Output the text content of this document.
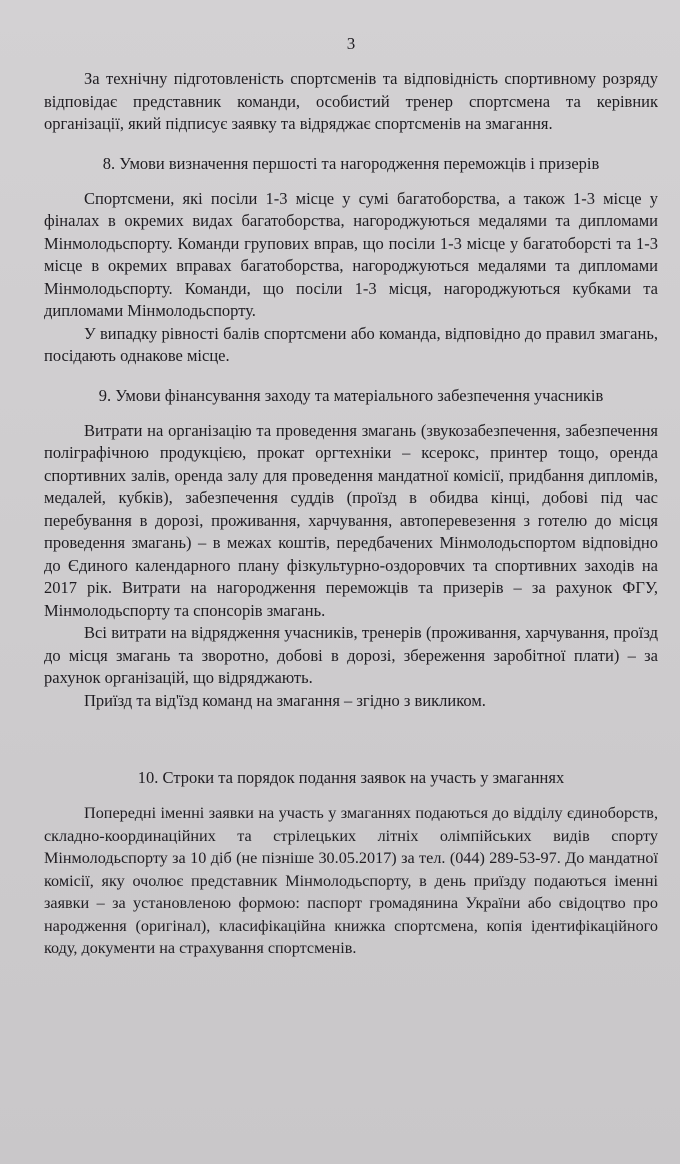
3

За технічну підготовленість спортсменів та відповідність спортивному розряду відповідає представник команди, особистий тренер спортсмена та керівник організації, який підписує заявку та відряджає спортсменів на змагання.

8. Умови визначення першості та нагородження переможців і призерів

Спортсмени, які посіли 1-3 місце у сумі багатоборства, а також 1-3 місце у фіналах в окремих видах багатоборства, нагороджуються медалями та дипломами Мінмолодьспорту. Команди групових вправ, що посіли 1-3 місце у багатоборсті та 1-3 місце в окремих вправах багатоборства, нагороджуються медалями та дипломами Мінмолодьспорту. Команди, що посіли 1-3 місця, нагороджуються кубками та дипломами Мінмолодьспорту.

У випадку рівності балів спортсмени або команда, відповідно до правил змагань, посідають однакове місце.

9. Умови фінансування заходу та матеріального забезпечення учасників

Витрати на організацію та проведення змагань (звукозабезпечення, забезпечення поліграфічною продукцією, прокат оргтехніки – ксерокс, принтер тощо, оренда спортивних залів, оренда залу для проведення мандатної комісії, придбання дипломів, медалей, кубків), забезпечення суддів (проїзд в обидва кінці, добові під час перебування в дорозі, проживання, харчування, автоперевезення з готелю до місця проведення змагань) – в межах коштів, передбачених Мінмолодьспортом відповідно до Єдиного календарного плану фізкультурно-оздоровчих та спортивних заходів на 2017 рік. Витрати на нагородження переможців та призерів – за рахунок ФГУ, Мінмолодьспорту та спонсорів змагань.

Всі витрати на відрядження учасників, тренерів (проживання, харчування, проїзд до місця змагань та зворотно, добові в дорозі, збереження заробітної плати) – за рахунок організацій, що відряджають.

Приїзд та від'їзд команд на змагання – згідно з викликом.

10. Строки та порядок подання заявок на участь у змаганнях

Попередні іменні заявки на участь у змаганнях подаються до відділу єдиноборств, складно-координаційних та стрілецьких літніх олімпійських видів спорту Мінмолодьспорту за 10 діб (не пізніше 30.05.2017) за тел. (044) 289-53-97. До мандатної комісії, яку очолює представник Мінмолодьспорту, в день приїзду подаються іменні заявки – за установленою формою: паспорт громадянина України або свідоцтво про народження (оригінал), класифікаційна книжка спортсмена, копія ідентифікаційного коду, документи на страхування спортсменів.
